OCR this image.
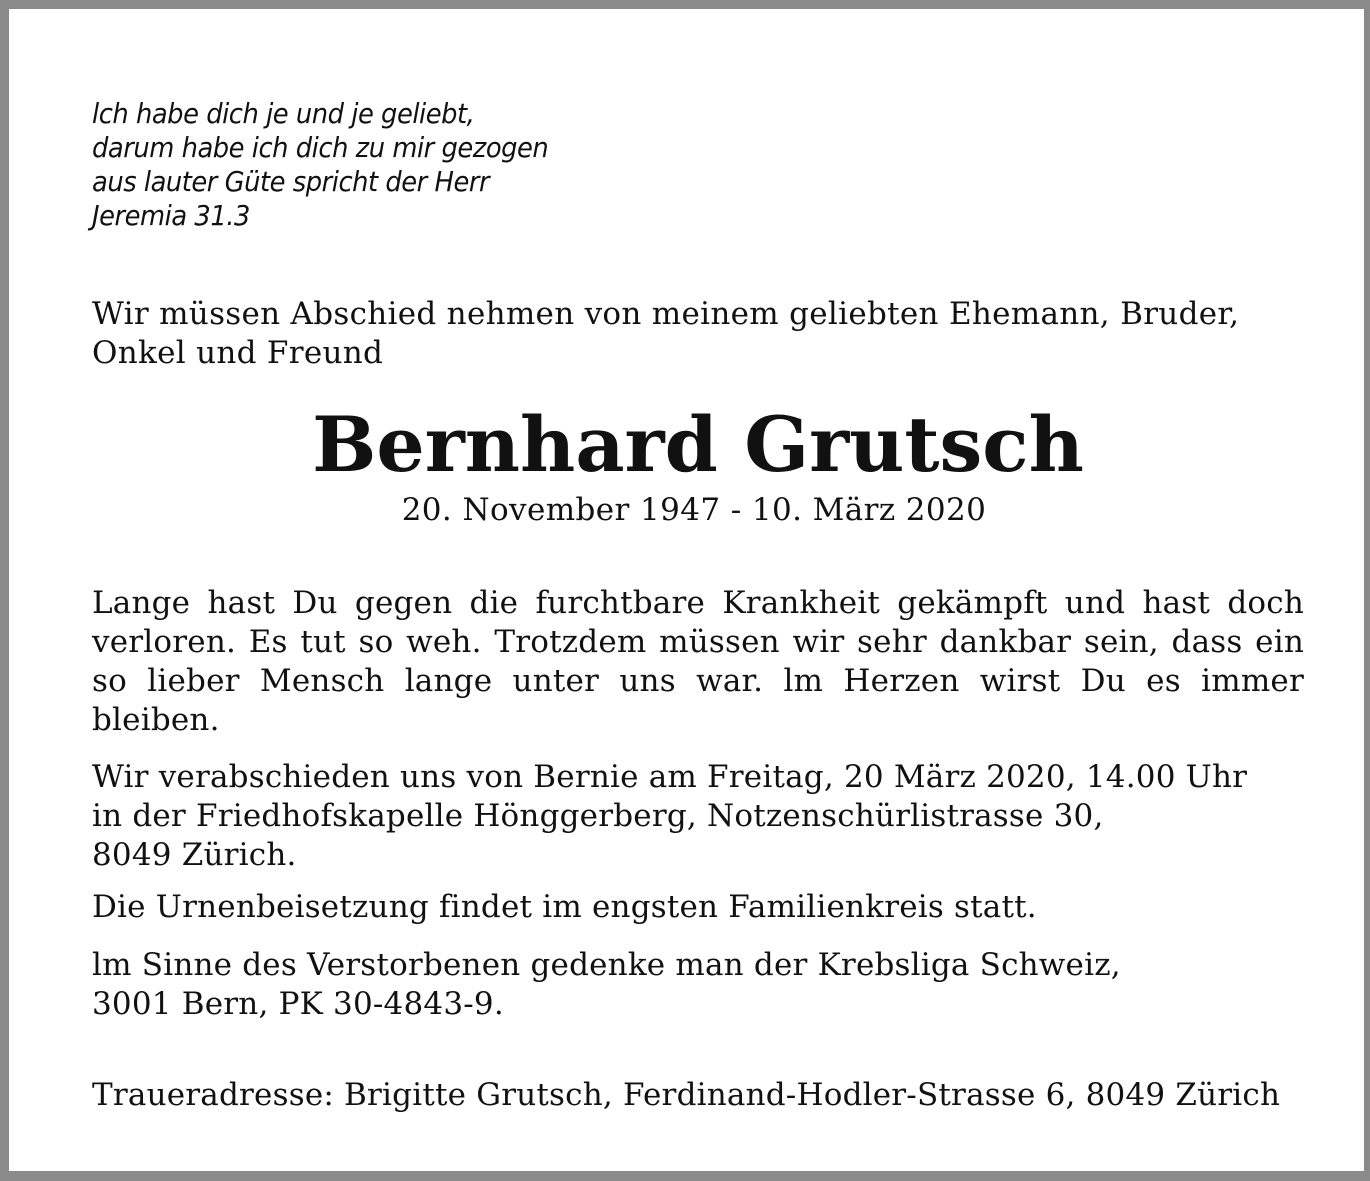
lch habe dich je und je geliebt,
darum habe ich dich zu mir gezogen
aus lauter Güte spricht der Herr
Jeremia 31.3
Wir müssen Abschied nehmen von meinem geliebten Ehemann, Bruder, Onkel und Freund
Bernhard Grutsch
20. November 1947 - 10. März 2020
Lange hast Du gegen die furchtbare Krankheit gekämpft und hast doch verloren. Es tut so weh. Trotzdem müssen wir sehr dankbar sein, dass ein so lieber Mensch lange unter uns war. lm Herzen wirst Du es immer bleiben.
Wir verabschieden uns von Bernie am Freitag, 20 März 2020, 14.00 Uhr
in der Friedhofskapelle Hönggerberg, Notzenschürlistrasse 30,
8049 Zürich.
Die Urnenbeisetzung findet im engsten Familienkreis statt.
lm Sinne des Verstorbenen gedenke man der Krebsliga Schweiz,
3001 Bern, PK 30-4843-9.
Traueradresse: Brigitte Grutsch, Ferdinand-Hodler-Strasse 6, 8049 Zürich
